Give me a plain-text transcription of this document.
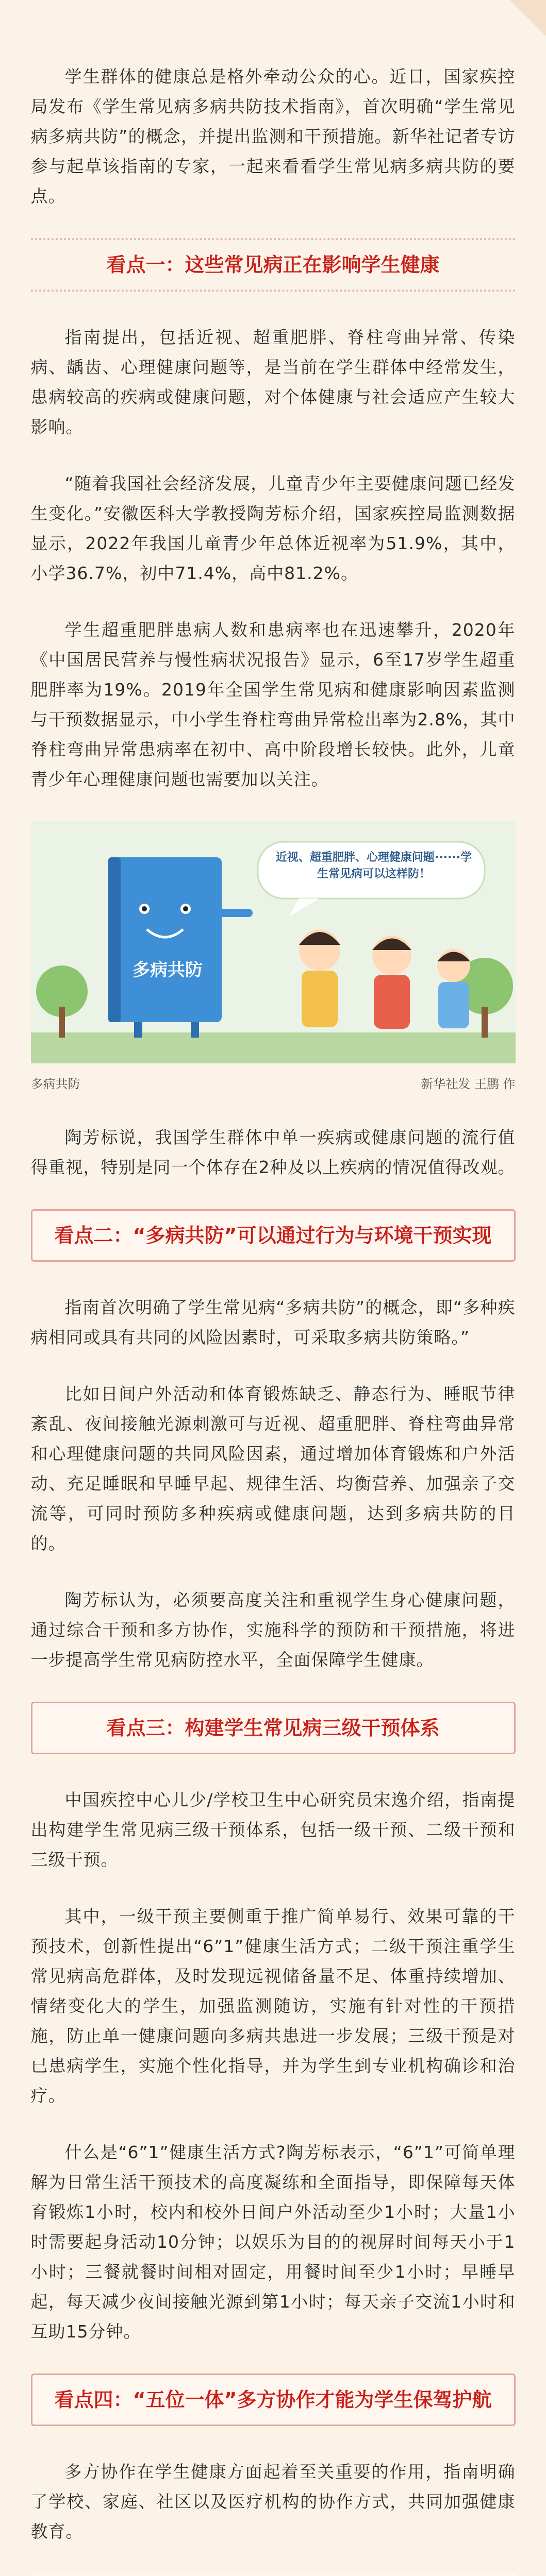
学生群体的健康总是格外牵动公众的心。近日，国家疾控局发布《学生常见病多病共防技术指南》，首次明确“学生常见病多病共防”的概念，并提出监测和干预措施。新华社记者专访参与起草该指南的专家，一起来看看学生常见病多病共防的要点。

看点一：这些常见病正在影响学生健康

指南提出，包括近视、超重肥胖、脊柱弯曲异常、传染病、龋齿、心理健康问题等，是当前在学生群体中经常发生，患病较高的疾病或健康问题，对个体健康与社会适应产生较大影响。

“随着我国社会经济发展，儿童青少年主要健康问题已经发生变化。”安徽医科大学教授陶芳标介绍，国家疾控局监测数据显示，2022年我国儿童青少年总体近视率为51.9%，其中，小学36.7%，初中71.4%，高中81.2%。

学生超重肥胖患病人数和患病率也在迅速攀升，2020年《中国居民营养与慢性病状况报告》显示，6至17岁学生超重肥胖率为19%。2019年全国学生常见病和健康影响因素监测与干预数据显示，中小学生脊柱弯曲异常检出率为2.8%，其中脊柱弯曲异常患病率在初中、高中阶段增长较快。此外，儿童青少年心理健康问题也需要加以关注。

多病共防
近视、超重肥胖、心理健康问题······学生常见病可以这样防！
多病共防	新华社发 王鹏 作

陶芳标说，我国学生群体中单一疾病或健康问题的流行值得重视，特别是同一个体存在2种及以上疾病的情况值得改观。

看点二：“多病共防”可以通过行为与环境干预实现

指南首次明确了学生常见病“多病共防”的概念，即“多种疾病相同或具有共同的风险因素时，可采取多病共防策略。”

比如日间户外活动和体育锻炼缺乏、静态行为、睡眠节律紊乱、夜间接触光源刺激可与近视、超重肥胖、脊柱弯曲异常和心理健康问题的共同风险因素，通过增加体育锻炼和户外活动、充足睡眠和早睡早起、规律生活、均衡营养、加强亲子交流等，可同时预防多种疾病或健康问题，达到多病共防的目的。

陶芳标认为，必须要高度关注和重视学生身心健康问题，通过综合干预和多方协作，实施科学的预防和干预措施，将进一步提高学生常见病防控水平，全面保障学生健康。

看点三：构建学生常见病三级干预体系

中国疾控中心儿少/学校卫生中心研究员宋逸介绍，指南提出构建学生常见病三级干预体系，包括一级干预、二级干预和三级干预。

其中，一级干预主要侧重于推广简单易行、效果可靠的干预技术，创新性提出“6”1”健康生活方式；二级干预注重学生常见病高危群体，及时发现远视储备量不足、体重持续增加、情绪变化大的学生，加强监测随访，实施有针对性的干预措施，防止单一健康问题向多病共患进一步发展；三级干预是对已患病学生，实施个性化指导，并为学生到专业机构确诊和治疗。

什么是“6”1”健康生活方式?陶芳标表示，“6”1”可简单理解为日常生活干预技术的高度凝练和全面指导，即保障每天体育锻炼1小时，校内和校外日间户外活动至少1小时；大量1小时需要起身活动10分钟；以娱乐为目的的视屏时间每天小于1小时；三餐就餐时间相对固定，用餐时间至少1小时；早睡早起，每天减少夜间接触光源到第1小时；每天亲子交流1小时和互助15分钟。

看点四：“五位一体”多方协作才能为学生保驾护航

多方协作在学生健康方面起着至关重要的作用，指南明确了学校、家庭、社区以及医疗机构的协作方式，共同加强健康教育。
